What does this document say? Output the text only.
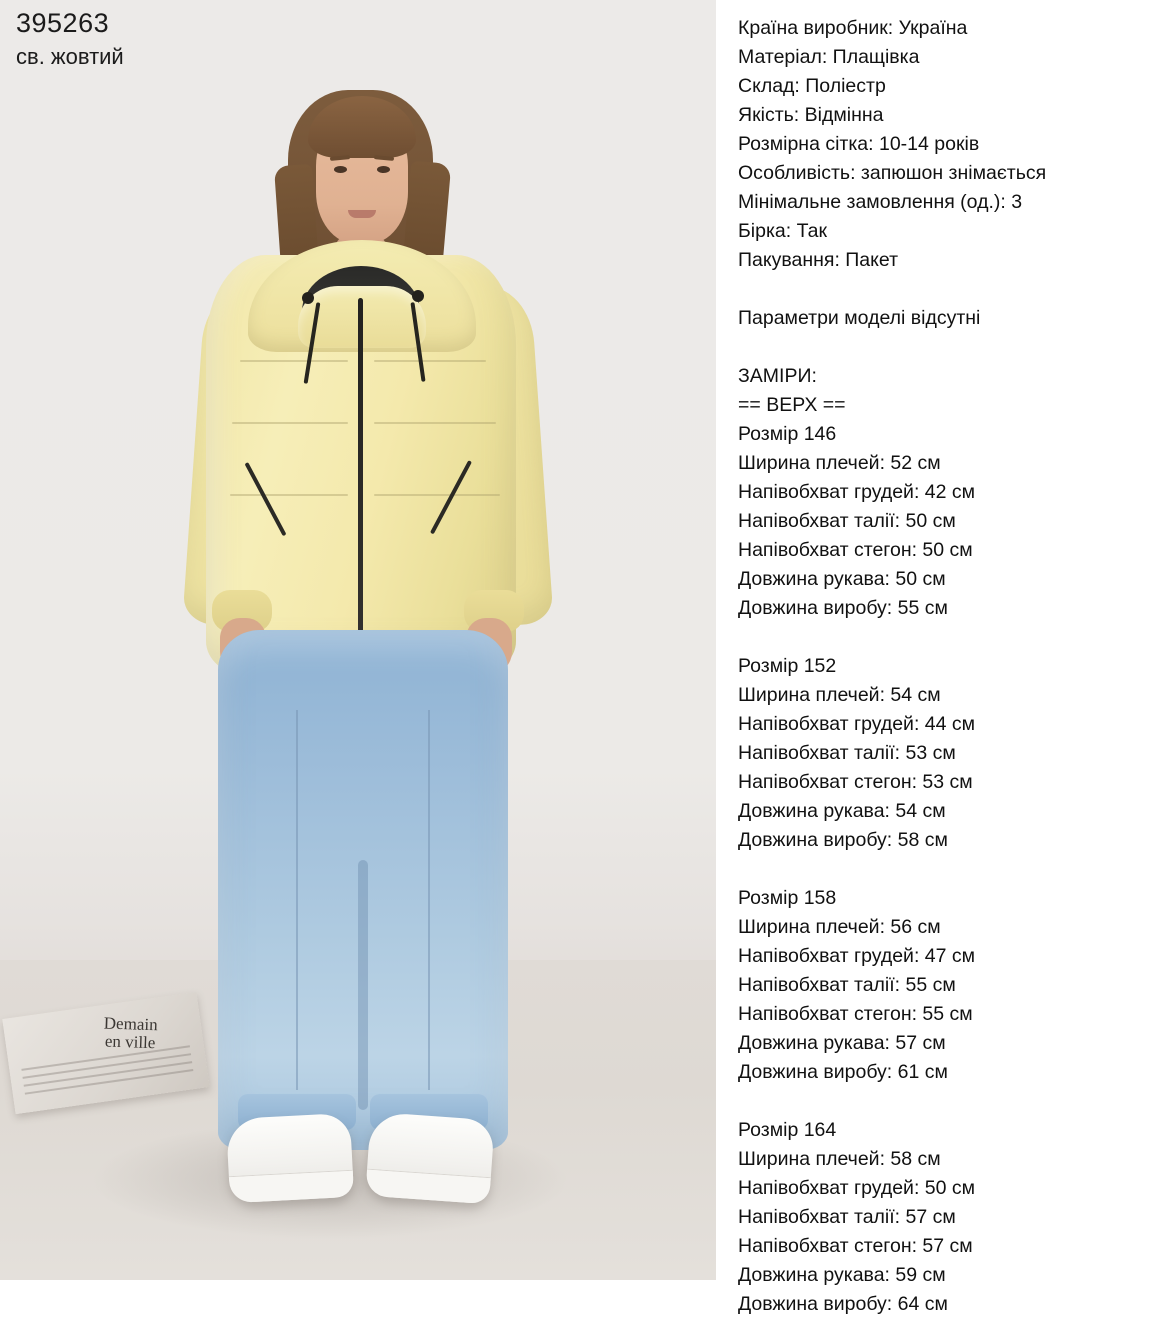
395263
св. жовтий
Demain
en ville
Країна виробник: Україна
Матеріал: Плащівка
Склад: Поліестр
Якість: Відмінна
Розмірна сітка: 10-14 років
Особливість: запюшон знімається
Мінімальне замовлення (од.): 3
Бірка: Так
Пакування: Пакет
Параметри моделі відсутні
ЗАМІРИ:
== ВЕРХ ==
Розмір 146
Ширина плечей: 52 см
Напівобхват грудей: 42 см
Напівобхват талії: 50 см
Напівобхват стегон: 50 см
Довжина рукава: 50 см
Довжина виробу: 55 см
Розмір 152
Ширина плечей: 54 см
Напівобхват грудей: 44 см
Напівобхват талії: 53 см
Напівобхват стегон: 53 см
Довжина рукава: 54 см
Довжина виробу: 58 см
Розмір 158
Ширина плечей: 56 см
Напівобхват грудей: 47 см
Напівобхват талії: 55 см
Напівобхват стегон: 55 см
Довжина рукава: 57 см
Довжина виробу: 61 см
Розмір 164
Ширина плечей: 58 см
Напівобхват грудей: 50 см
Напівобхват талії: 57 см
Напівобхват стегон: 57 см
Довжина рукава: 59 см
Довжина виробу: 64 см
